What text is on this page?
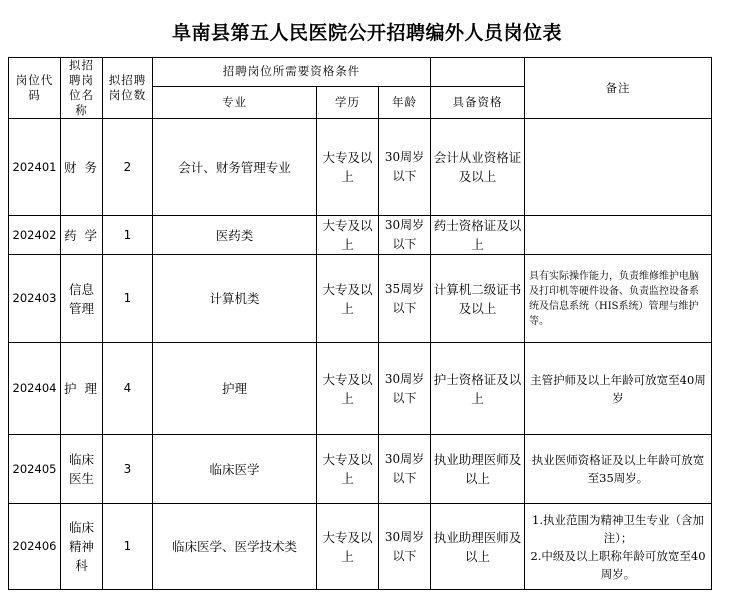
阜南县第五人民医院公开招聘编外人员岗位表
岗位代码	拟招聘岗位名称	拟招聘岗位数	招聘岗位所需要资格条件				备注
			专业	学历	年龄	具备资格	
202401	财 务	2	会计、财务管理专业	大专及以上	30周岁以下	会计从业资格证及以上	
202402	药 学	1	医药类	大专及以上	30周岁以下	药士资格证及以上	
202403	信息管理	1	计算机类	大专及以上	35周岁以下	计算机二级证书及以上	具有实际操作能力，负责维修维护电脑及打印机等硬件设备、负责监控设备系统及信息系统（HIS系统）管理与维护等。
202404	护 理	4	护理	大专及以上	30周岁以下	护士资格证及以上	主管护师及以上年龄可放宽至40周岁
202405	临床医生	3	临床医学	大专及以上	30周岁以下	执业助理医师及以上	执业医师资格证及以上年龄可放宽至35周岁。
202406	临床精神科	1	临床医学、医学技术类	大专及以上	30周岁以下	执业助理医师及以上	1.执业范围为精神卫生专业（含加注）；
2.中级及以上职称年龄可放宽至40周岁。
